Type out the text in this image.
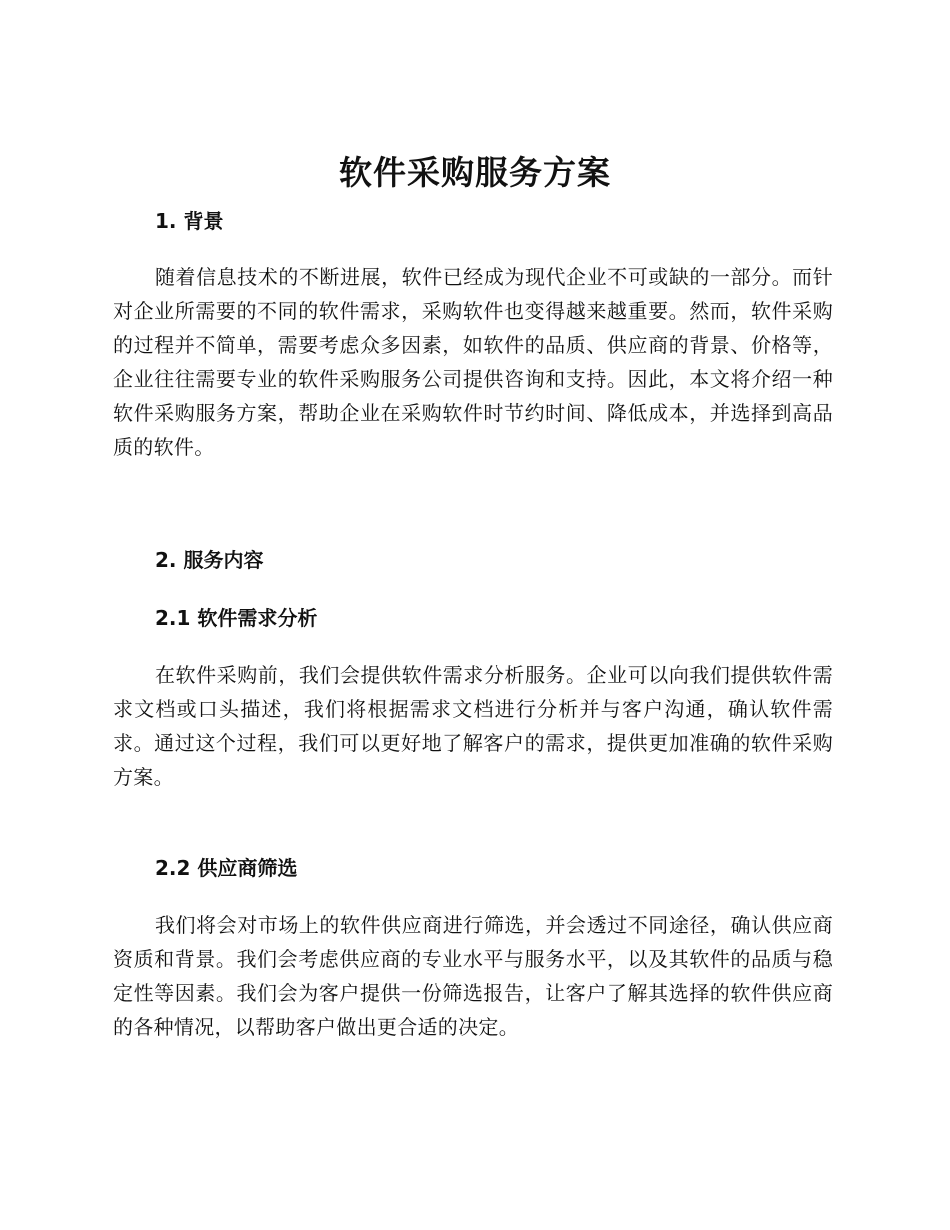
软件采购服务方案
1. 背景

随着信息技术的不断进展，软件已经成为现代企业不可或缺的一部分。而针对企业所需要的不同的软件需求，采购软件也变得越来越重要。然而，软件采购的过程并不简单，需要考虑众多因素，如软件的品质、供应商的背景、价格等，企业往往需要专业的软件采购服务公司提供咨询和支持。因此，本文将介绍一种软件采购服务方案，帮助企业在采购软件时节约时间、降低成本，并选择到高品质的软件。

2. 服务内容
2.1 软件需求分析

在软件采购前，我们会提供软件需求分析服务。企业可以向我们提供软件需求文档或口头描述，我们将根据需求文档进行分析并与客户沟通，确认软件需求。通过这个过程，我们可以更好地了解客户的需求，提供更加准确的软件采购方案。

2.2 供应商筛选

我们将会对市场上的软件供应商进行筛选，并会透过不同途径，确认供应商资质和背景。我们会考虑供应商的专业水平与服务水平，以及其软件的品质与稳定性等因素。我们会为客户提供一份筛选报告，让客户了解其选择的软件供应商的各种情况，以帮助客户做出更合适的决定。
